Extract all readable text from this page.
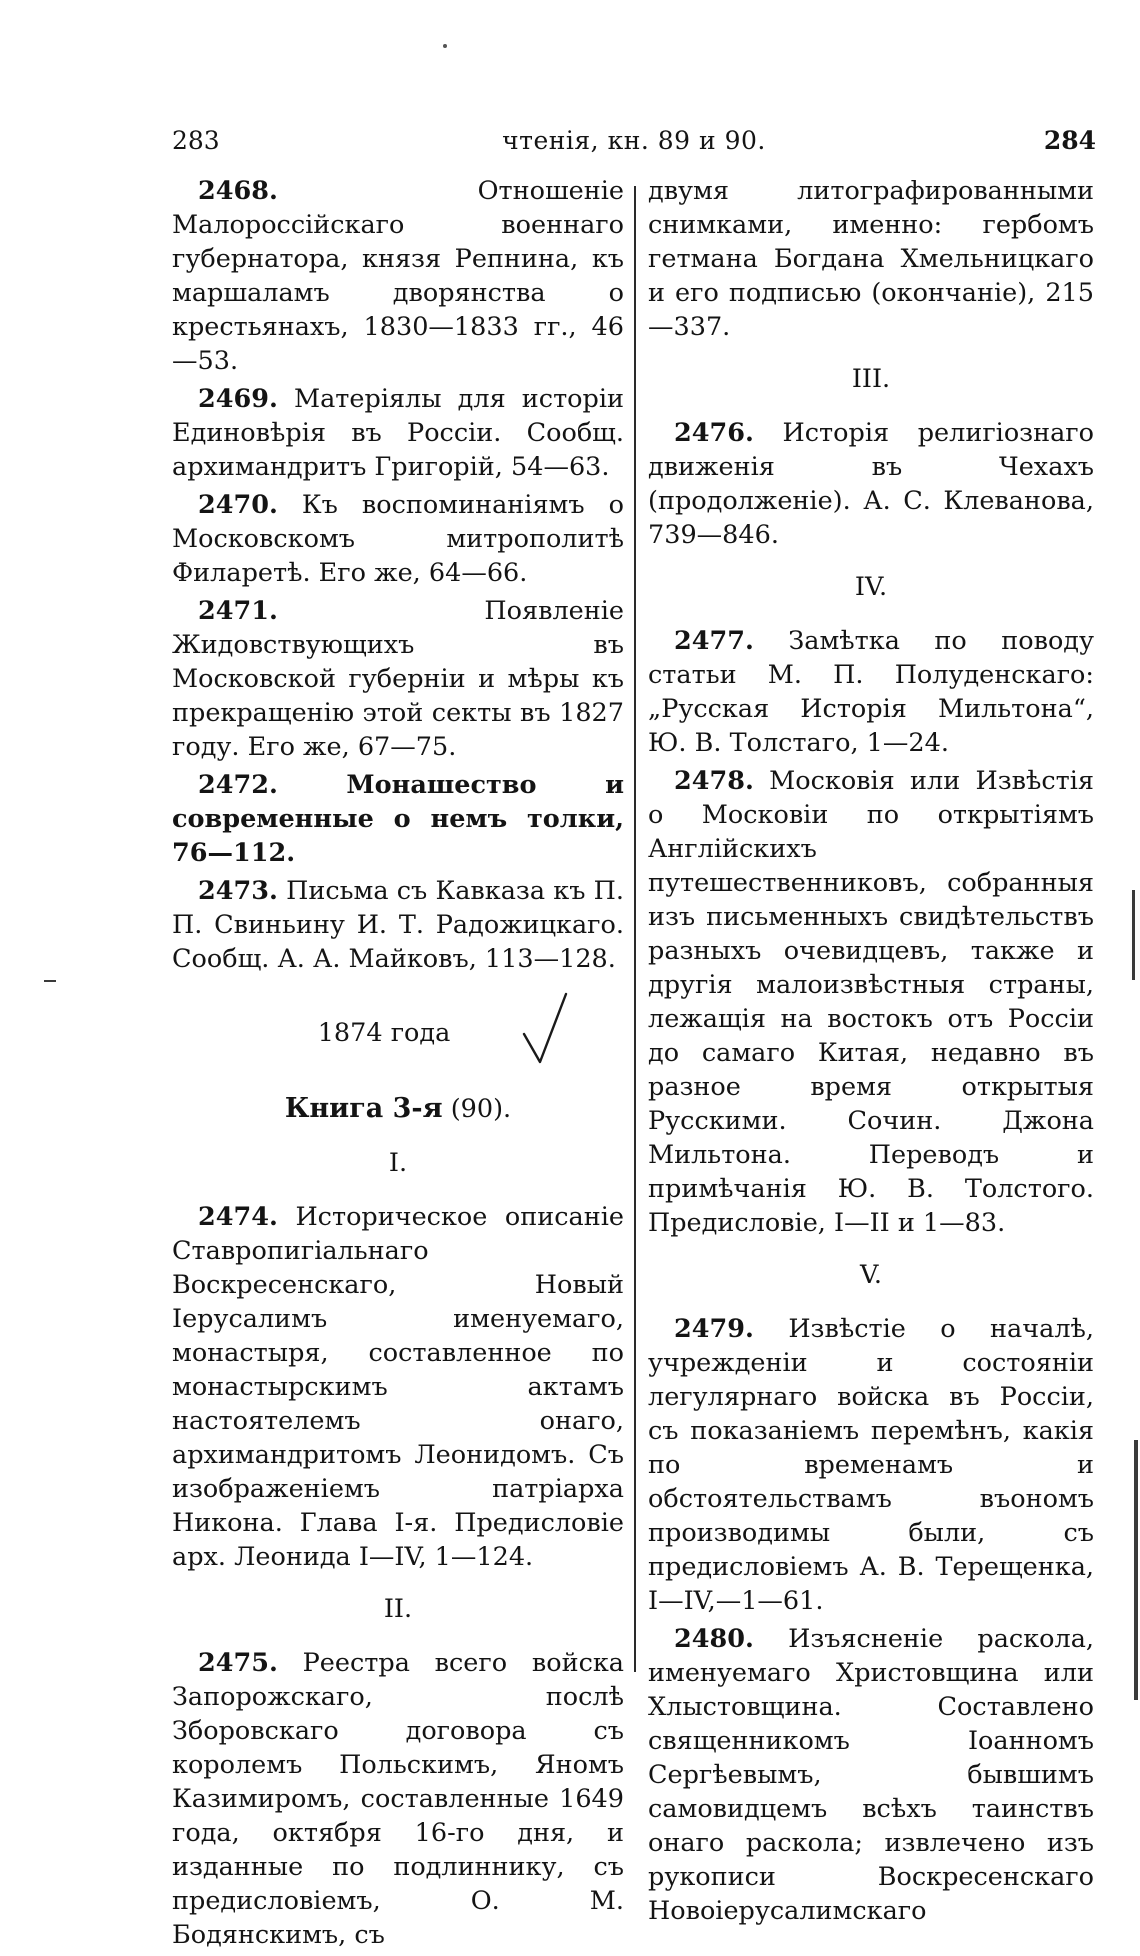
283	чтенія, кн. 89 и 90.	284

2468.	Отношеніе Малороссійскаго военнаго губернатора, князя Репнина, къ маршаламъ дворянства о крестьянахъ, 1830—1833 гг., 46—53.

2469. Матеріялы для исторіи Единовѣрія въ Россіи. Сообщ. архимандритъ Григорій, 54—63.

2470. Къ воспоминаніямъ о Московскомъ митрополитѣ Филаретѣ. Его же, 64—66.

2471.	Появленіе Жидовствующихъ въ Московской губерніи и мѣры къ прекращенію этой секты въ 1827 году. Его же, 67—75.

2472.	Монашество и современные о немъ толки, 76—112.

2473. Письма съ Кавказа къ П. П. Свиньину И. Т. Радожицкаго. Сообщ. А. А. Майковъ, 113—128.

1874 года
Книга 3-я (90).
I.

2474. Историческое описаніе Ставропигіальнаго Воскресенскаго, Новый Іерусалимъ именуемаго, монастыря, составленное по монастырскимъ актамъ настоятелемъ онаго, архимандритомъ Леонидомъ. Съ изображеніемъ патріарха Никона. Глава I-я. Предисловіе арх. Леонида I—IV, 1—124.

II.

2475. Реестра всего войска Запорожскаго, послѣ Зборовскаго договора съ королемъ Польскимъ, Яномъ Казимиромъ, составленные 1649 года, октября 16-го дня, и изданные по подлиннику, съ предисловіемъ, О. М. Бодянскимъ, съ

двумя литографированными снимками, именно: гербомъ гетмана Богдана Хмельницкаго и его подписью (окончаніе), 215—337.

III.

2476. Исторія религіознаго движенія въ Чехахъ (продолженіе). А. С. Клеванова, 739—846.

IV.

2477. Замѣтка по поводу статьи М. П. Полуденскаго: „Русская Исторія Мильтона“, Ю. В. Толстаго, 1—24.

2478. Московія или Извѣстія о Московіи по открытіямъ Англійскихъ путешественниковъ, собранныя изъ письменныхъ свидѣтельствъ разныхъ очевидцевъ, также и другія малоизвѣстныя страны, лежащія на востокъ отъ Россіи до самаго Китая, недавно въ разное время открытыя Русскими. Сочин. Джона Мильтона. Переводъ и примѣчанія Ю. В. Толстого. Предисловіе, I—II и 1—83.

V.

2479. Извѣстіе о началѣ, учрежденіи и состояніи легулярнаго войска въ Россіи, съ показаніемъ перемѣнъ, какія по временамъ и обстоятельствамъ въономъ производимы были, съ предисловіемъ А. В. Терещенка, I—IV,—1—61.

2480. Изъясненіе раскола, именуемаго Христовщина или Хлыстовщина. Составлено священникомъ Іоанномъ Сергѣевымъ, бывшимъ самовидцемъ всѣхъ таинствъ онаго раскола; извлечено изъ рукописи Воскресенскаго Новоіерусалимскаго
